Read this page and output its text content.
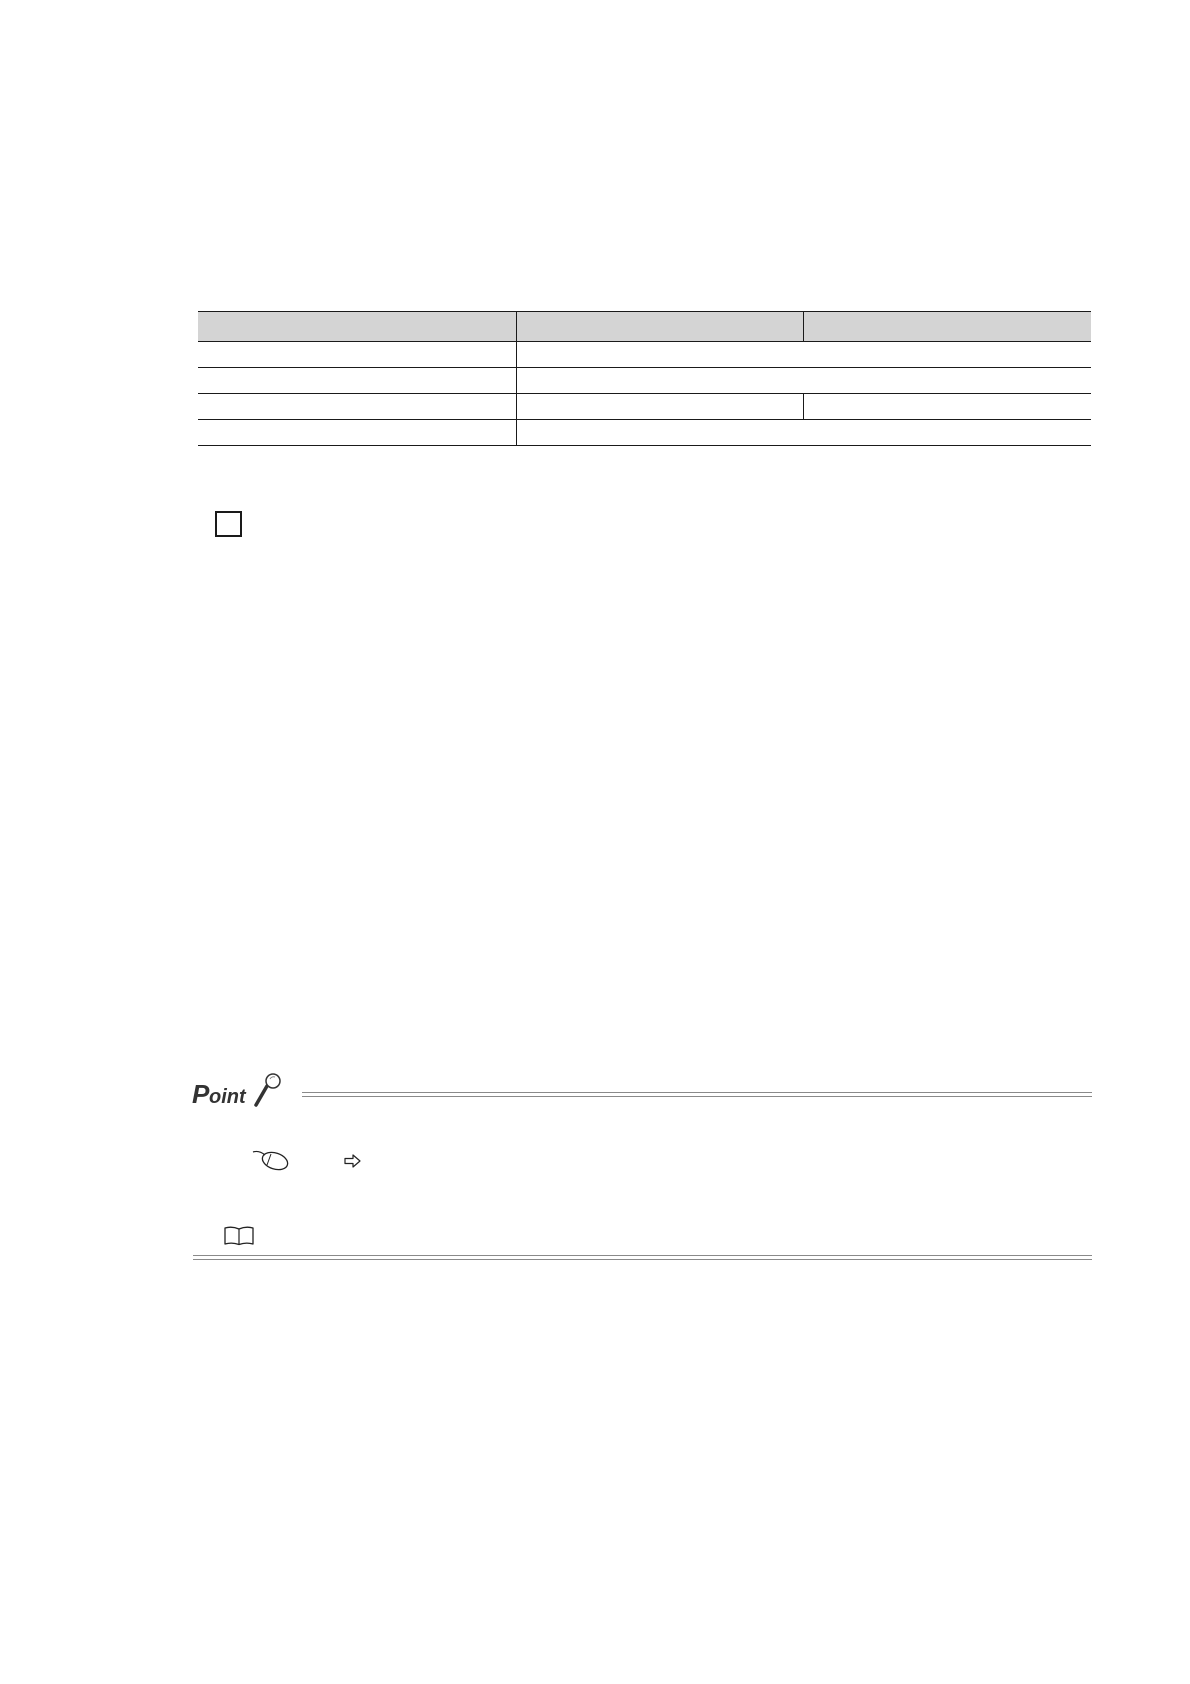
P oint
